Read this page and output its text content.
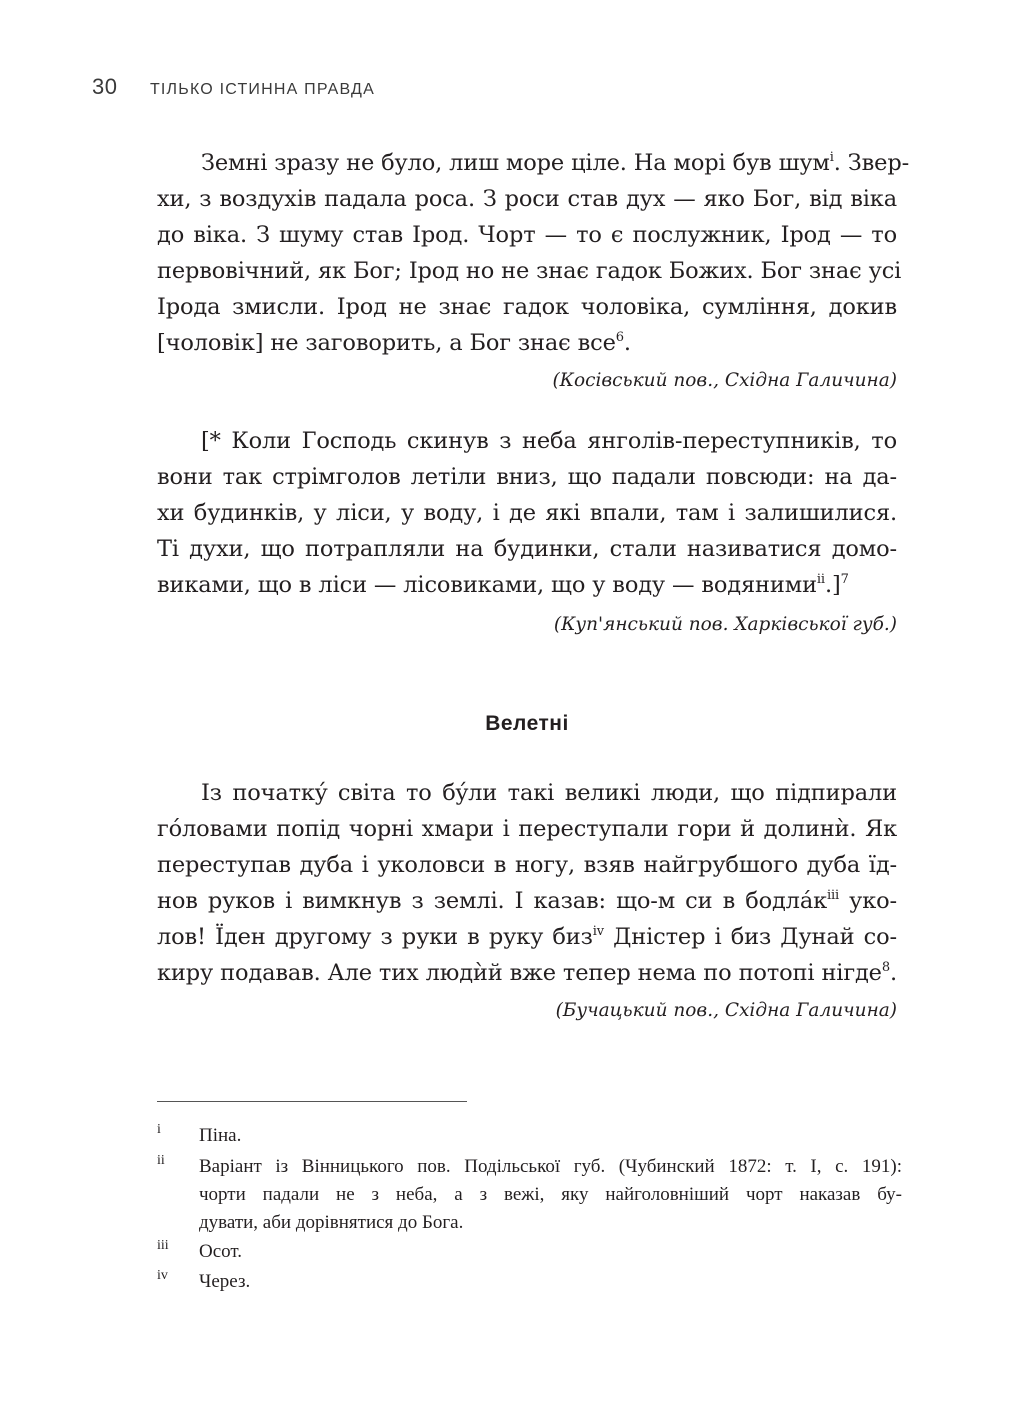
30 ТІЛЬКО ІСТИННА ПРАВДА
Земні зразу не було, лиш море ціле. На морі був шум$^i$. Звер-
хи, з воздухів падала роса. З роси став дух — яко Бог, від віка
до віка. З шуму став Ірод. Чорт — то є послужник, Ірод — то
первовічний, як Бог; Ірод но не знає гадок Божих. Бог знає усі
Ірода змисли. Ірод не знає гадок чоловіка, сумління, докив
[чоловік] не заговорить, а Бог знає все$^6$.
(Косівський пов., Східна Галичина)
[* Коли Господь скинув з неба янголів-переступників, то
вони так стрімголов летіли вниз, що падали повсюди: на да-
хи будинків, у ліси, у воду, і де які впали, там і залишилися.
Ті духи, що потрапляли на будинки, стали називатися домо-
виками, що в ліси — лісовиками, що у воду — водяними$^{ii}$.]$^7$
(Куп'янський пов. Харківської губ.)
Велетні
Із початкý світа то бýли такі великі люди, що підпирали
гóловами попід чорні хмари і переступали гори й долинѝ. Як
переступав дуба і уколовси в ногу, взяв найгрубшого дуба їд-
нов руков і вимкнув з землі. І казав: що-м си в бодлáк$^{iii}$ уко-
лов! Їден другому з руки в руку биз$^{iv}$ Дністер і биз Дунай со-
киру подавав. Але тих людѝй вже тепер нема по потопі нігде$^8$.
(Бучацький пов., Східна Галичина)
i Піна.
ii Варіант із Вінницького пов. Подільської губ. (Чубинский 1872: т. І, с. 191):
чорти падали не з неба, а з вежі, яку найголовніший чорт наказав бу-
дувати, аби дорівнятися до Бога.
iii Осот.
iv Через.
